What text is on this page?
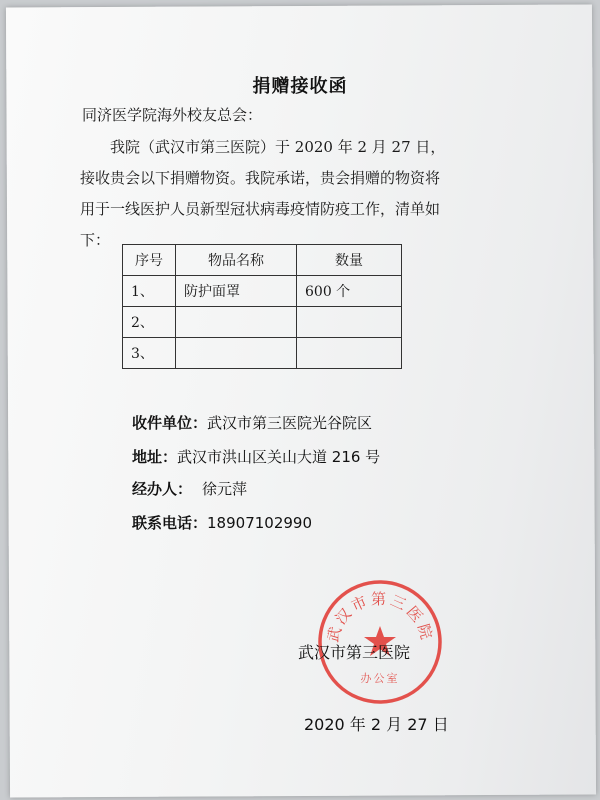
捐赠接收函
同济医学院海外校友总会：

我院（武汉市第三医院）于 2020 年 2 月 27 日，接收贵会以下捐赠物资。我院承诺，贵会捐赠的物资将用于一线医护人员新型冠状病毒疫情防疫工作，清单如下：

序号	物品名称	数量
1、	防护面罩	600 个
2、		
3、		
收件单位：武汉市第三医院光谷院区
地址：武汉市洪山区关山大道 216 号
经办人： 徐元萍
联系电话：18907102990
武汉市第三医院
办公室
武汉市第三医院
2020 年 2 月 27 日
